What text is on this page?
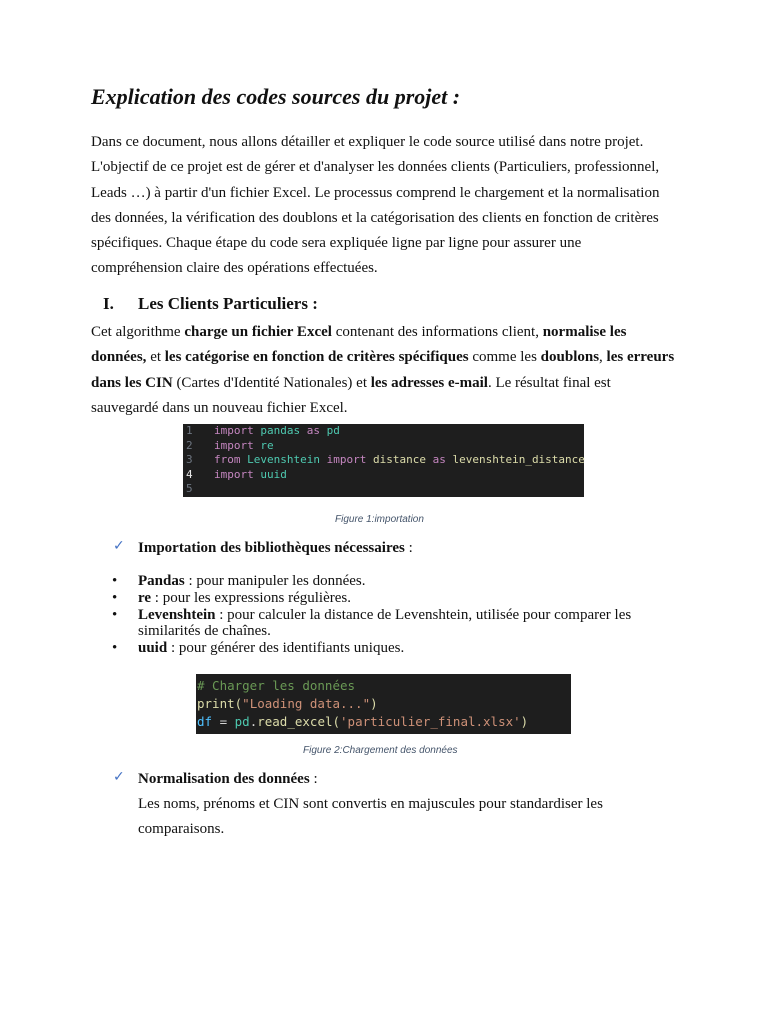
Explication des codes sources du projet :

Dans ce document, nous allons détailler et expliquer le code source utilisé dans notre projet. L'objectif de ce projet est de gérer et d'analyser les données clients (Particuliers, professionnel, Leads …) à partir d'un fichier Excel. Le processus comprend le chargement et la normalisation des données, la vérification des doublons et la catégorisation des clients en fonction de critères spécifiques. Chaque étape du code sera expliquée ligne par ligne pour assurer une compréhension claire des opérations effectuées.

I. Les Clients Particuliers :

Cet algorithme charge un fichier Excel contenant des informations client, normalise les données, et les catégorise en fonction de critères spécifiques comme les doublons, les erreurs dans les CIN (Cartes d'Identité Nationales) et les adresses e-mail. Le résultat final est sauvegardé dans un nouveau fichier Excel.

1 import pandas as pd
2 import re
3 from Levenshtein import distance as levenshtein_distance
4 import uuid
5

Figure 1:importation

✓ Importation des bibliothèques nécessaires :

• Pandas : pour manipuler les données.
• re : pour les expressions régulières.
• Levenshtein : pour calculer la distance de Levenshtein, utilisée pour comparer les similarités de chaînes.
• uuid : pour générer des identifiants uniques.
# Charger les données
print("Loading data...")
df = pd.read_excel('particulier_final.xlsx')

Figure 2:Chargement des données

✓ Normalisation des données :

Les noms, prénoms et CIN sont convertis en majuscules pour standardiser les comparaisons.
